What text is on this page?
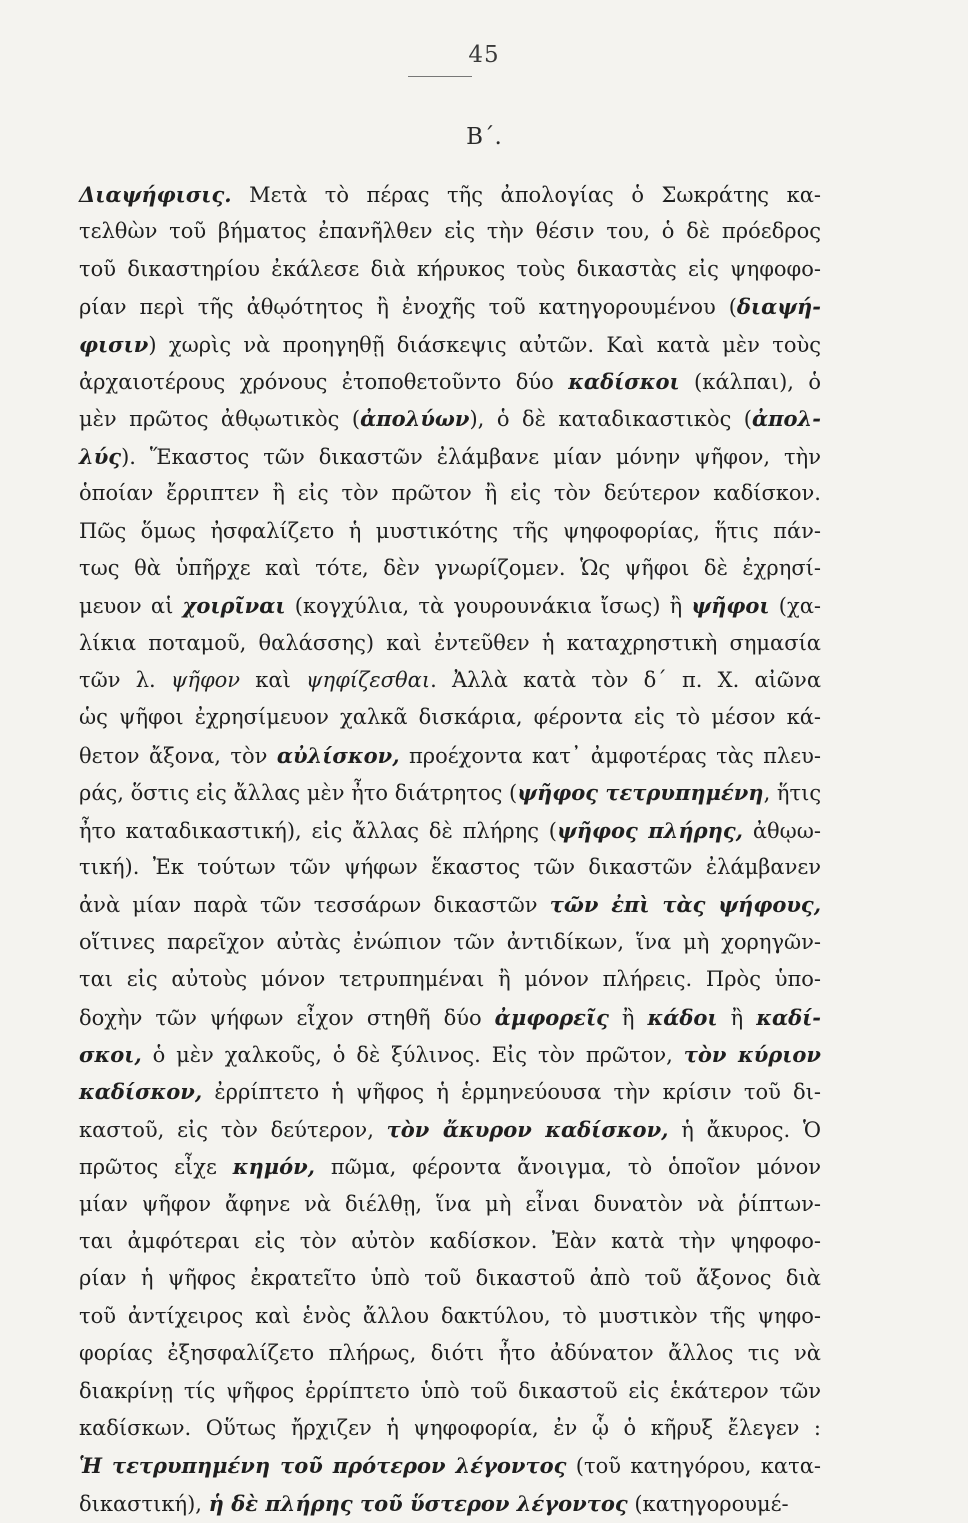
45
Β΄.
Διαψήφισις. Μετὰ τὸ πέρας τῆς ἀπολογίας ὁ Σωκράτης κα-
τελθὼν τοῦ βήματος ἐπανῆλθεν εἰς τὴν θέσιν του, ὁ δὲ πρόεδρος
τοῦ δικαστηρίου ἐκάλεσε διὰ κήρυκος τοὺς δικαστὰς εἰς ψηφοφο-
ρίαν περὶ τῆς ἀθῳότητος ἢ ἐνοχῆς τοῦ κατηγορουμένου (διαψή-
φισιν) χωρὶς νὰ προηγηθῇ διάσκεψις αὐτῶν. Καὶ κατὰ μὲν τοὺς
ἀρχαιοτέρους χρόνους ἐτοποθετοῦντο δύο καδίσκοι (κάλπαι), ὁ
μὲν πρῶτος ἀθῳωτικὸς (ἀπολύων), ὁ δὲ καταδικαστικὸς (ἀπολ-
λύς). Ἕκαστος τῶν δικαστῶν ἐλάμβανε μίαν μόνην ψῆφον, τὴν
ὁποίαν ἔρριπτεν ἢ εἰς τὸν πρῶτον ἢ εἰς τὸν δεύτερον καδίσκον.
Πῶς ὅμως ἠσφαλίζετο ἡ μυστικότης τῆς ψηφοφορίας, ἥτις πάν-
τως θὰ ὑπῆρχε καὶ τότε, δὲν γνωρίζομεν. Ὡς ψῆφοι δὲ ἐχρησί-
μευον αἱ χοιρῖναι (κογχύλια, τὰ γουρουνάκια ἴσως) ἢ ψῆφοι (χα-
λίκια ποταμοῦ, θαλάσσης) καὶ ἐντεῦθεν ἡ καταχρηστικὴ σημασία
τῶν λ. ψῆφον καὶ ψηφίζεσθαι. Ἀλλὰ κατὰ τὸν δ΄ π. Χ. αἰῶνα
ὡς ψῆφοι ἐχρησίμευον χαλκᾶ δισκάρια, φέροντα εἰς τὸ μέσον κά-
θετον ἄξονα, τὸν αὐλίσκον, προέχοντα κατ᾽ ἀμφοτέρας τὰς πλευ-
ράς, ὅστις εἰς ἄλλας μὲν ἦτο διάτρητος (ψῆφος τετρυπημένη, ἥτις
ἦτο καταδικαστική), εἰς ἄλλας δὲ πλήρης (ψῆφος πλήρης, ἀθῳω-
τική). Ἐκ τούτων τῶν ψήφων ἕκαστος τῶν δικαστῶν ἐλάμβανεν
ἀνὰ μίαν παρὰ τῶν τεσσάρων δικαστῶν τῶν ἐπὶ τὰς ψήφους,
οἵτινες παρεῖχον αὐτὰς ἐνώπιον τῶν ἀντιδίκων, ἵνα μὴ χορηγῶν-
ται εἰς αὐτοὺς μόνον τετρυπημέναι ἢ μόνον πλήρεις. Πρὸς ὑπο-
δοχὴν τῶν ψήφων εἶχον στηθῆ δύο ἀμφορεῖς ἢ κάδοι ἢ καδί-
σκοι, ὁ μὲν χαλκοῦς, ὁ δὲ ξύλινος. Εἰς τὸν πρῶτον, τὸν κύριον
καδίσκον, ἐρρίπτετο ἡ ψῆφος ἡ ἑρμηνεύουσα τὴν κρίσιν τοῦ δι-
καστοῦ, εἰς τὸν δεύτερον, τὸν ἄκυρον καδίσκον, ἡ ἄκυρος. Ὁ
πρῶτος εἶχε κημόν, πῶμα, φέροντα ἄνοιγμα, τὸ ὁποῖον μόνον
μίαν ψῆφον ἄφηνε νὰ διέλθῃ, ἵνα μὴ εἶναι δυνατὸν νὰ ῥίπτων-
ται ἀμφότεραι εἰς τὸν αὐτὸν καδίσκον. Ἐὰν κατὰ τὴν ψηφοφο-
ρίαν ἡ ψῆφος ἐκρατεῖτο ὑπὸ τοῦ δικαστοῦ ἀπὸ τοῦ ἄξονος διὰ
τοῦ ἀντίχειρος καὶ ἑνὸς ἄλλου δακτύλου, τὸ μυστικὸν τῆς ψηφο-
φορίας ἐξησφαλίζετο πλήρως, διότι ἦτο ἀδύνατον ἄλλος τις νὰ
διακρίνῃ τίς ψῆφος ἐρρίπτετο ὑπὸ τοῦ δικαστοῦ εἰς ἑκάτερον τῶν
καδίσκων. Οὕτως ἤρχιζεν ἡ ψηφοφορία, ἐν ᾧ ὁ κῆρυξ ἔλεγεν :
Ἡ τετρυπημένη τοῦ πρότερον λέγοντος (τοῦ κατηγόρου, κατα-
δικαστική), ἡ δὲ πλήρης τοῦ ὕστερον λέγοντος (κατηγορουμέ-
